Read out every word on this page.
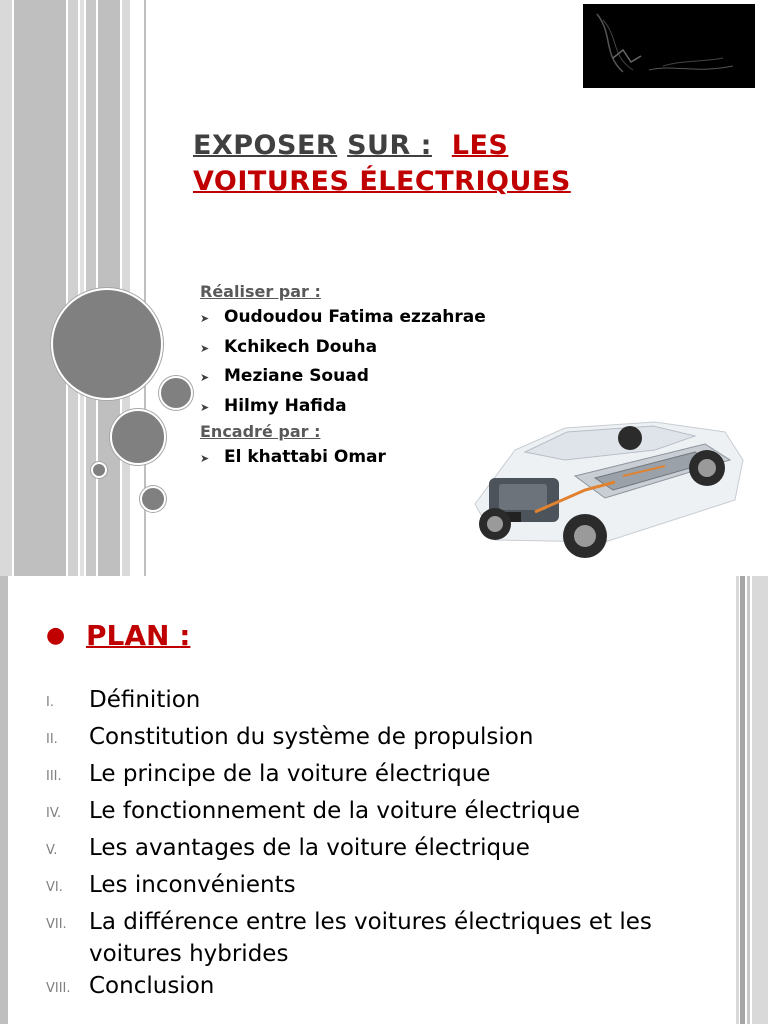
EXPOSER SUR : LES
VOITURES ÉLECTRIQUES
Réaliser par :
➤ Oudoudou Fatima ezzahrae
➤ Kchikech Douha
➤ Meziane Souad
➤ Hilmy Hafida
Encadré par :
➤ El khattabi Omar
● PLAN :
I.	Définition
II.	Constitution du système de propulsion
III.	Le principe de la voiture électrique
IV.	Le fonctionnement de la voiture électrique
V.	Les avantages de la voiture électrique
VI.	Les inconvénients
VII. La différence entre les voitures électriques et les voitures hybrides
VIII. Conclusion
